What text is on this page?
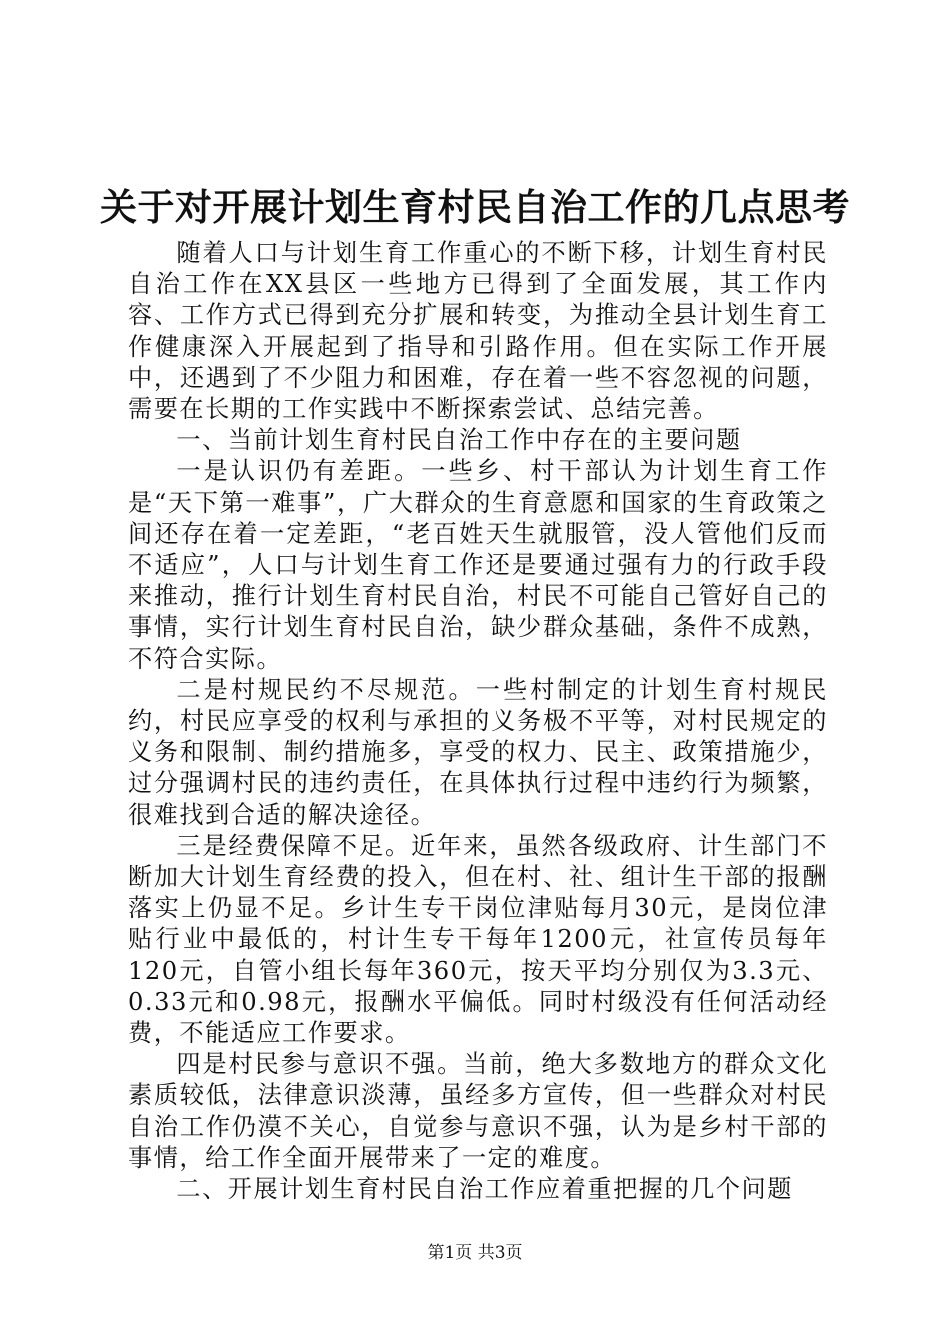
关于对开展计划生育村民自治工作的几点思考

随着人口与计划生育工作重心的不断下移，计划生育村民自治工作在XX县区一些地方已得到了全面发展，其工作内容、工作方式已得到充分扩展和转变，为推动全县计划生育工作健康深入开展起到了指导和引路作用。但在实际工作开展中，还遇到了不少阻力和困难，存在着一些不容忽视的问题，需要在长期的工作实践中不断探索尝试、总结完善。

一、当前计划生育村民自治工作中存在的主要问题

一是认识仍有差距。一些乡、村干部认为计划生育工作是“天下第一难事”，广大群众的生育意愿和国家的生育政策之间还存在着一定差距，“老百姓天生就服管，没人管他们反而不适应”，人口与计划生育工作还是要通过强有力的行政手段来推动，推行计划生育村民自治，村民不可能自己管好自己的事情，实行计划生育村民自治，缺少群众基础，条件不成熟，不符合实际。

二是村规民约不尽规范。一些村制定的计划生育村规民约，村民应享受的权利与承担的义务极不平等，对村民规定的义务和限制、制约措施多，享受的权力、民主、政策措施少，过分强调村民的违约责任，在具体执行过程中违约行为频繁，很难找到合适的解决途径。

三是经费保障不足。近年来，虽然各级政府、计生部门不断加大计划生育经费的投入，但在村、社、组计生干部的报酬落实上仍显不足。乡计生专干岗位津贴每月30元，是岗位津贴行业中最低的，村计生专干每年1200元，社宣传员每年120元，自管小组长每年360元，按天平均分别仅为3.3元、0.33元和0.98元，报酬水平偏低。同时村级没有任何活动经费，不能适应工作要求。

四是村民参与意识不强。当前，绝大多数地方的群众文化素质较低，法律意识淡薄，虽经多方宣传，但一些群众对村民自治工作仍漠不关心，自觉参与意识不强，认为是乡村干部的事情，给工作全面开展带来了一定的难度。

二、开展计划生育村民自治工作应着重把握的几个问题

第1页 共3页
